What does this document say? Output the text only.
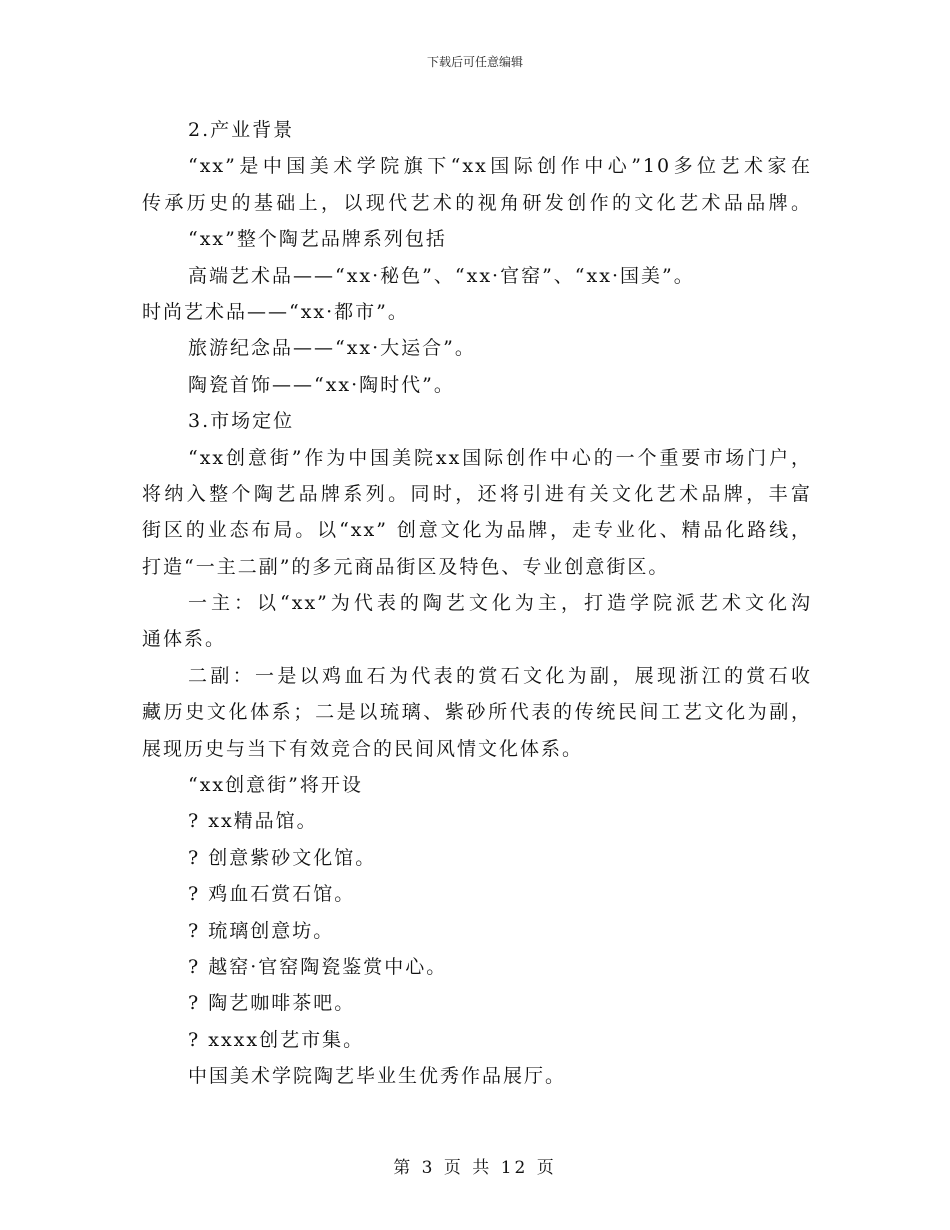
下载后可任意编辑
2.产业背景
“xx”是中国美术学院旗下“xx国际创作中心”10多位艺术家在
传承历史的基础上，以现代艺术的视角研发创作的文化艺术品品牌。
“xx”整个陶艺品牌系列包括
高端艺术品——“xx·秘色”、“xx·官窑”、“xx·国美”。
时尚艺术品——“xx·都市”。
旅游纪念品——“xx·大运合”。
陶瓷首饰——“xx·陶时代”。
3.市场定位
“xx创意街”作为中国美院xx国际创作中心的一个重要市场门户，
将纳入整个陶艺品牌系列。同时，还将引进有关文化艺术品牌，丰富
街区的业态布局。以“xx” 创意文化为品牌，走专业化、精品化路线，
打造“一主二副”的多元商品街区及特色、专业创意街区。
一主：以“xx”为代表的陶艺文化为主，打造学院派艺术文化沟
通体系。
二副：一是以鸡血石为代表的赏石文化为副，展现浙江的赏石收
藏历史文化体系；二是以琉璃、紫砂所代表的传统民间工艺文化为副，
展现历史与当下有效竞合的民间风情文化体系。
“xx创意街”将开设
? xx精品馆。
? 创意紫砂文化馆。
? 鸡血石赏石馆。
? 琉璃创意坊。
? 越窑·官窑陶瓷鉴赏中心。
? 陶艺咖啡茶吧。
? xxxx创艺市集。
中国美术学院陶艺毕业生优秀作品展厅。
第 3 页 共 12 页
